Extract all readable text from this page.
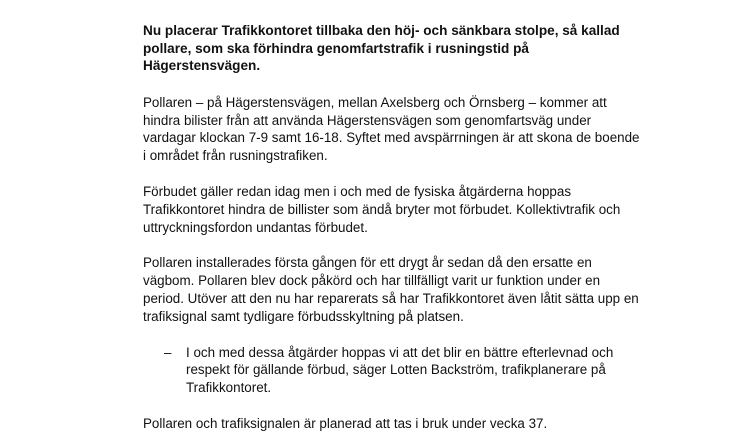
Nu placerar Trafikkontoret tillbaka den höj- och sänkbara stolpe, så kallad pollare, som ska förhindra genomfartstrafik i rusningstid på Hägerstensvägen.

Pollaren – på Hägerstensvägen, mellan Axelsberg och Örnsberg – kommer att hindra bilister från att använda Hägerstensvägen som genomfartsväg under vardagar klockan 7-9 samt 16-18. Syftet med avspärrningen är att skona de boende i området från rusningstrafiken.

Förbudet gäller redan idag men i och med de fysiska åtgärderna hoppas Trafikkontoret hindra de billister som ändå bryter mot förbudet. Kollektivtrafik och uttryckningsfordon undantas förbudet.

Pollaren installerades första gången för ett drygt år sedan då den ersatte en vägbom. Pollaren blev dock påkörd och har tillfälligt varit ur funktion under en period. Utöver att den nu har reparerats så har Trafikkontoret även låtit sätta upp en trafiksignal samt tydligare förbudsskyltning på platsen.

– I och med dessa åtgärder hoppas vi att det blir en bättre efterlevnad och respekt för gällande förbud, säger Lotten Backström, trafikplanerare på Trafikkontoret.

Pollaren och trafiksignalen är planerad att tas i bruk under vecka 37.
